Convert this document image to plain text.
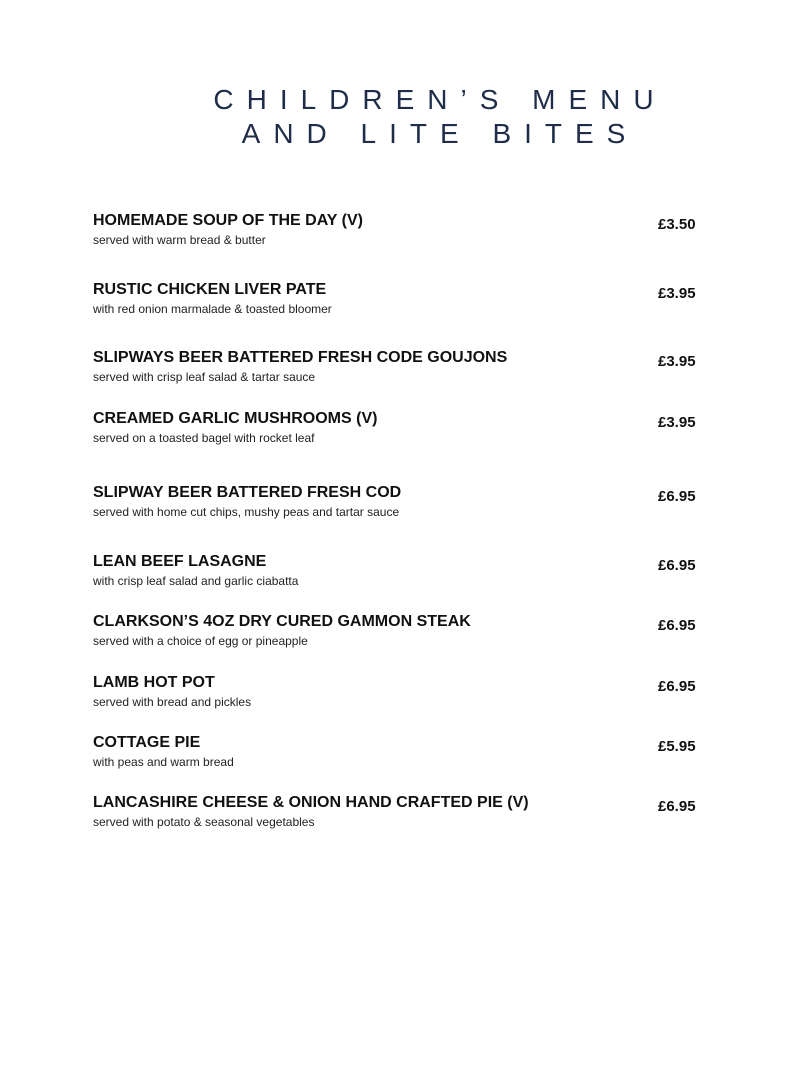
CHILDREN’S MENU
AND LITE BITES
HOMEMADE SOUP OF THE DAY (V)
served with warm bread & butter
£3.50
RUSTIC CHICKEN LIVER PATE
with red onion marmalade & toasted bloomer
£3.95
SLIPWAYS BEER BATTERED FRESH CODE GOUJONS
served with crisp leaf salad & tartar sauce
£3.95
CREAMED GARLIC MUSHROOMS (V)
served on a toasted bagel with rocket leaf
£3.95
SLIPWAY BEER BATTERED FRESH COD
served with home cut chips, mushy peas and tartar sauce
£6.95
LEAN BEEF LASAGNE
with crisp leaf salad and garlic ciabatta
£6.95
CLARKSON’S 4OZ DRY CURED GAMMON STEAK
served with a choice of egg or pineapple
£6.95
LAMB HOT POT
served with bread and pickles
£6.95
COTTAGE PIE
with peas and warm bread
£5.95
LANCASHIRE CHEESE & ONION HAND CRAFTED PIE (V)
served with potato & seasonal vegetables
£6.95
